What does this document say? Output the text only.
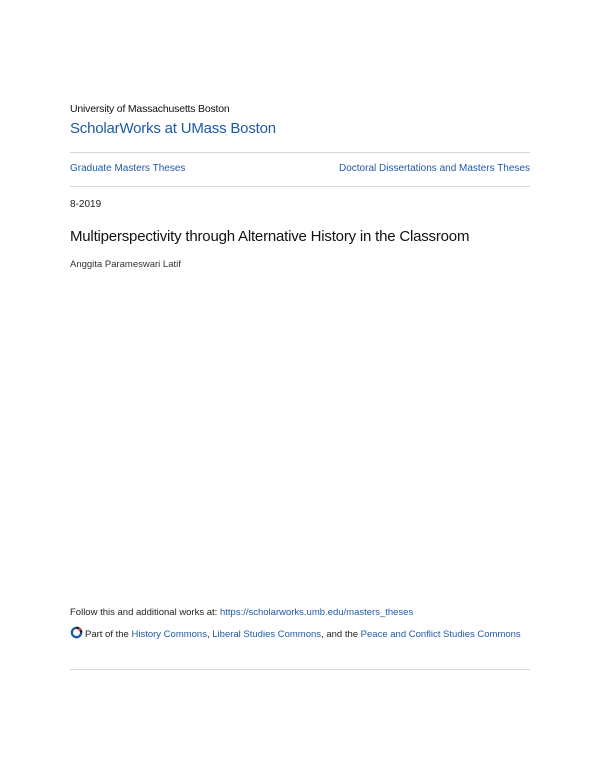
University of Massachusetts Boston
ScholarWorks at UMass Boston
Graduate Masters Theses	Doctoral Dissertations and Masters Theses
8-2019
Multiperspectivity through Alternative History in the Classroom
Anggita Parameswari Latif
Follow this and additional works at: https://scholarworks.umb.edu/masters_theses
Part of the History Commons, Liberal Studies Commons, and the Peace and Conflict Studies Commons
